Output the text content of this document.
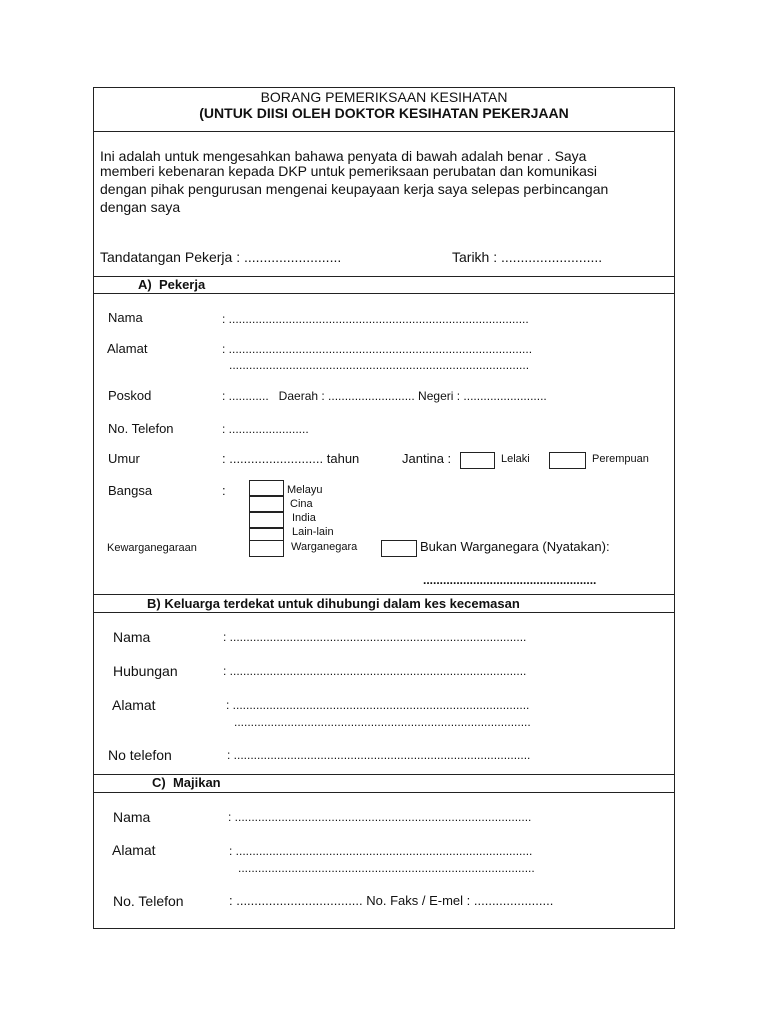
BORANG PEMERIKSAAN KESIHATAN
(UNTUK DIISI OLEH DOKTOR KESIHATAN PEKERJAAN
Ini adalah untuk mengesahkan bahawa penyata di bawah adalah benar . Saya
memberi kebenaran kepada DKP untuk pemeriksaan perubatan dan komunikasi
dengan pihak pengurusan mengenai keupayaan kerja saya selepas perbincangan
dengan saya
Tandatangan Pekerja : .........................	Tarikh : ..........................
A)  Pekerja
Nama	: ..........................................................................................
Alamat	: ...........................................................................................
..........................................................................................
Poskod	: ............   Daerah : .......................... Negeri : .........................
No. Telefon	: ........................
Umur	: .......................... tahun	Jantina :	Lelaki	Perempuan
Bangsa	:	Melayu
Cina
India
Lain-lain
Kewarganegaraan	Warganegara	Bukan Warganegara (Nyatakan):
....................................................
B) Keluarga terdekat untuk dihubungi dalam kes kecemasan
Nama	: .........................................................................................
Hubungan	: .........................................................................................
Alamat	: .........................................................................................
.........................................................................................
No telefon	: .........................................................................................
C)  Majikan
Nama	: .........................................................................................
Alamat	: .........................................................................................
.........................................................................................
No. Telefon	: ................................... No. Faks / E-mel : ......................
